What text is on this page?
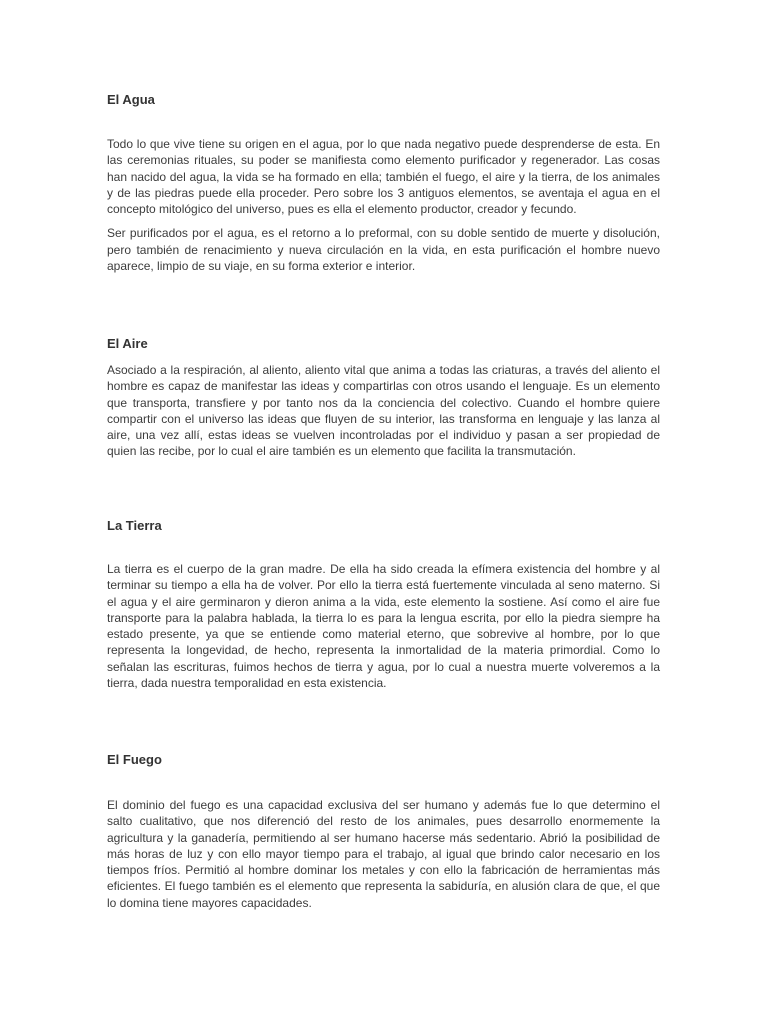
El Agua

Todo lo que vive tiene su origen en el agua, por lo que nada negativo puede desprenderse de esta. En las ceremonias rituales, su poder se manifiesta como elemento purificador y regenerador. Las cosas han nacido del agua, la vida se ha formado en ella; también el fuego, el aire y la tierra, de los animales y de las piedras puede ella proceder. Pero sobre los 3 antiguos elementos, se aventaja el agua en el concepto mitológico del universo, pues es ella el elemento productor, creador y fecundo.

Ser purificados por el agua, es el retorno a lo preformal, con su doble sentido de muerte y disolución, pero también de renacimiento y nueva circulación en la vida, en esta purificación el hombre nuevo aparece, limpio de su viaje, en su forma exterior e interior.

El Aire

Asociado a la respiración, al aliento, aliento vital que anima a todas las criaturas, a través del aliento el hombre es capaz de manifestar las ideas y compartirlas con otros usando el lenguaje. Es un elemento que transporta, transfiere y por tanto nos da la conciencia del colectivo. Cuando el hombre quiere compartir con el universo las ideas que fluyen de su interior, las transforma en lenguaje y las lanza al aire, una vez allí, estas ideas se vuelven incontroladas por el individuo y pasan a ser propiedad de quien las recibe, por lo cual el aire también es un elemento que facilita la transmutación.

La Tierra

La tierra es el cuerpo de la gran madre. De ella ha sido creada la efímera existencia del hombre y al terminar su tiempo a ella ha de volver. Por ello la tierra está fuertemente vinculada al seno materno. Si el agua y el aire germinaron y dieron anima a la vida, este elemento la sostiene. Así como el aire fue transporte para la palabra hablada, la tierra lo es para la lengua escrita, por ello la piedra siempre ha estado presente, ya que se entiende como material eterno, que sobrevive al hombre, por lo que representa la longevidad, de hecho, representa la inmortalidad de la materia primordial. Como lo señalan las escrituras, fuimos hechos de tierra y agua, por lo cual a nuestra muerte volveremos a la tierra, dada nuestra temporalidad en esta existencia.

El Fuego

El dominio del fuego es una capacidad exclusiva del ser humano y además fue lo que determino el salto cualitativo, que nos diferenció del resto de los animales, pues desarrollo enormemente la agricultura y la ganadería, permitiendo al ser humano hacerse más sedentario. Abrió la posibilidad de más horas de luz y con ello mayor tiempo para el trabajo, al igual que brindo calor necesario en los tiempos fríos. Permitió al hombre dominar los metales y con ello la fabricación de herramientas más eficientes. El fuego también es el elemento que representa la sabiduría, en alusión clara de que, el que lo domina tiene mayores capacidades.
